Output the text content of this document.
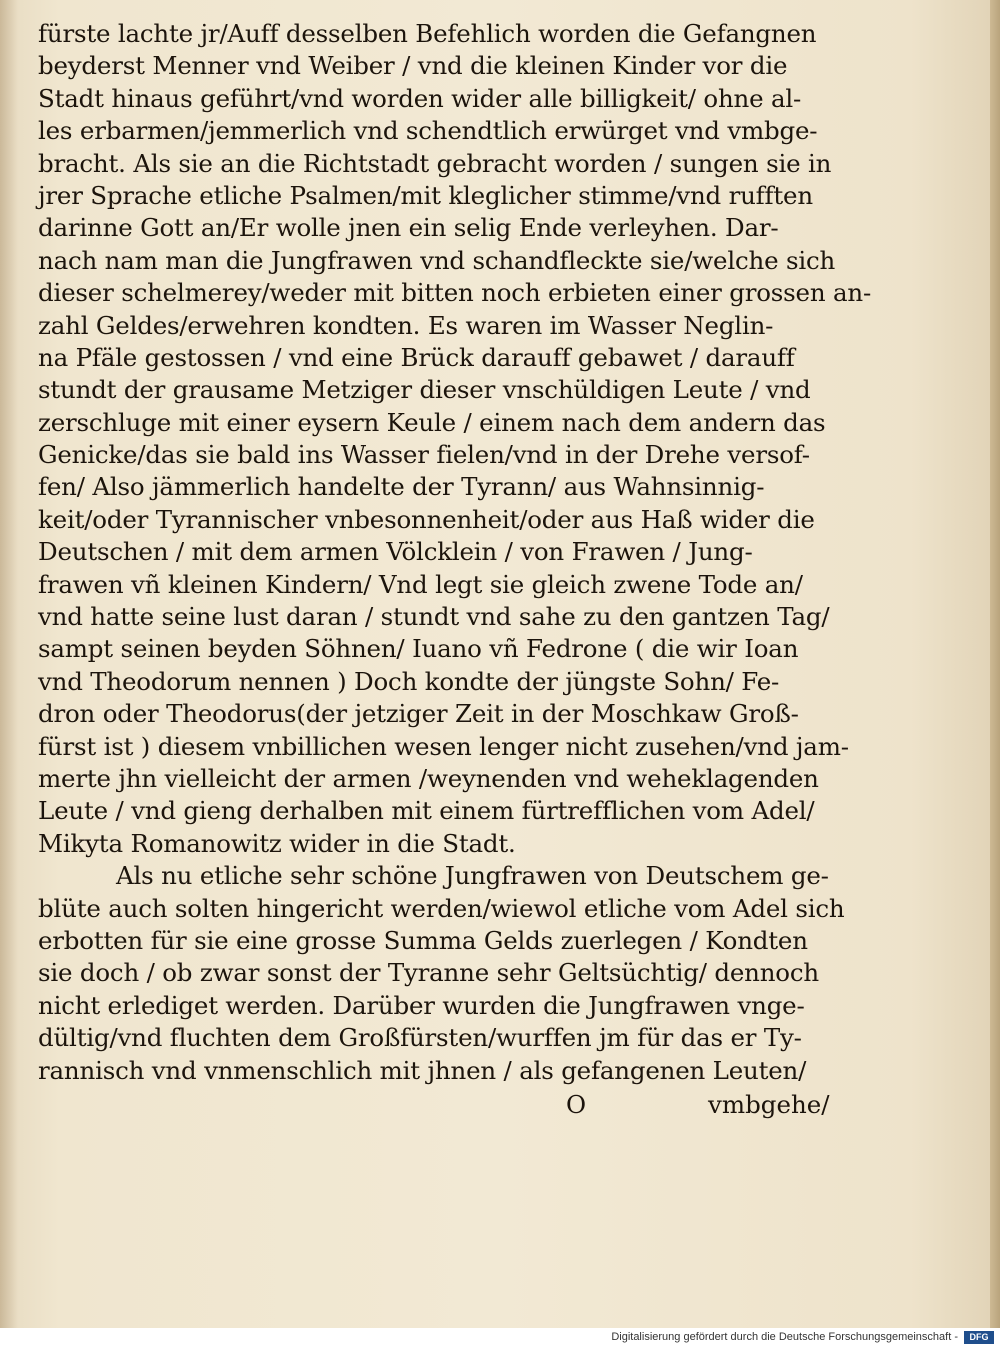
fürste lachte jr/Auff desselben Befehlich worden die Gefangnen
beyderst Menner vnd Weiber / vnd die kleinen Kinder vor die
Stadt hinaus geführt/vnd worden wider alle billigkeit/ ohne al-
les erbarmen/jemmerlich vnd schendtlich erwürget vnd vmbge-
bracht. Als sie an die Richtstadt gebracht worden / sungen sie in
jrer Sprache etliche Psalmen/mit kleglicher stimme/vnd rufften
darinne Gott an/Er wolle jnen ein selig Ende verleyhen. Dar-
nach nam man die Jungfrawen vnd schandfleckte sie/welche sich
dieser schelmerey/weder mit bitten noch erbieten einer grossen an-
zahl Geldes/erwehren kondten. Es waren im Wasser Neglin-
na Pfäle gestossen / vnd eine Brück darauff gebawet / darauff
stundt der grausame Metziger dieser vnschüldigen Leute / vnd
zerschluge mit einer eysern Keule / einem nach dem andern das
Genicke/das sie bald ins Wasser fielen/vnd in der Drehe versof-
fen/ Also jämmerlich handelte der Tyrann/ aus Wahnsinnig-
keit/oder Tyrannischer vnbesonnenheit/oder aus Haß wider die
Deutschen / mit dem armen Völcklein / von Frawen / Jung-
frawen vñ kleinen Kindern/ Vnd legt sie gleich zwene Tode an/
vnd hatte seine lust daran / stundt vnd sahe zu den gantzen Tag/
sampt seinen beyden Söhnen/ Iuano vñ Fedrone ( die wir Ioan
vnd Theodorum nennen ) Doch kondte der jüngste Sohn/ Fe-
dron oder Theodorus(der jetziger Zeit in der Moschkaw Groß-
fürst ist ) diesem vnbillichen wesen lenger nicht zusehen/vnd jam-
merte jhn vielleicht der armen /weynenden vnd weheklagenden
Leute / vnd gieng derhalben mit einem fürtrefflichen vom Adel/
Mikyta Romanowitz wider in die Stadt.
Als nu etliche sehr schöne Jungfrawen von Deutschem ge-
blüte auch solten hingericht werden/wiewol etliche vom Adel sich
erbotten für sie eine grosse Summa Gelds zuerlegen / Kondten
sie doch / ob zwar sonst der Tyranne sehr Geltsüchtig/ dennoch
nicht erlediget werden. Darüber wurden die Jungfrawen vnge-
dültig/vnd fluchten dem Großfürsten/wurffen jm für das er Ty-
rannisch vnd vnmenschlich mit jhnen / als gefangenen Leuten/
O	vmbgehe/
Digitalisierung gefördert durch die Deutsche Forschungsgemeinschaft -	DFG
